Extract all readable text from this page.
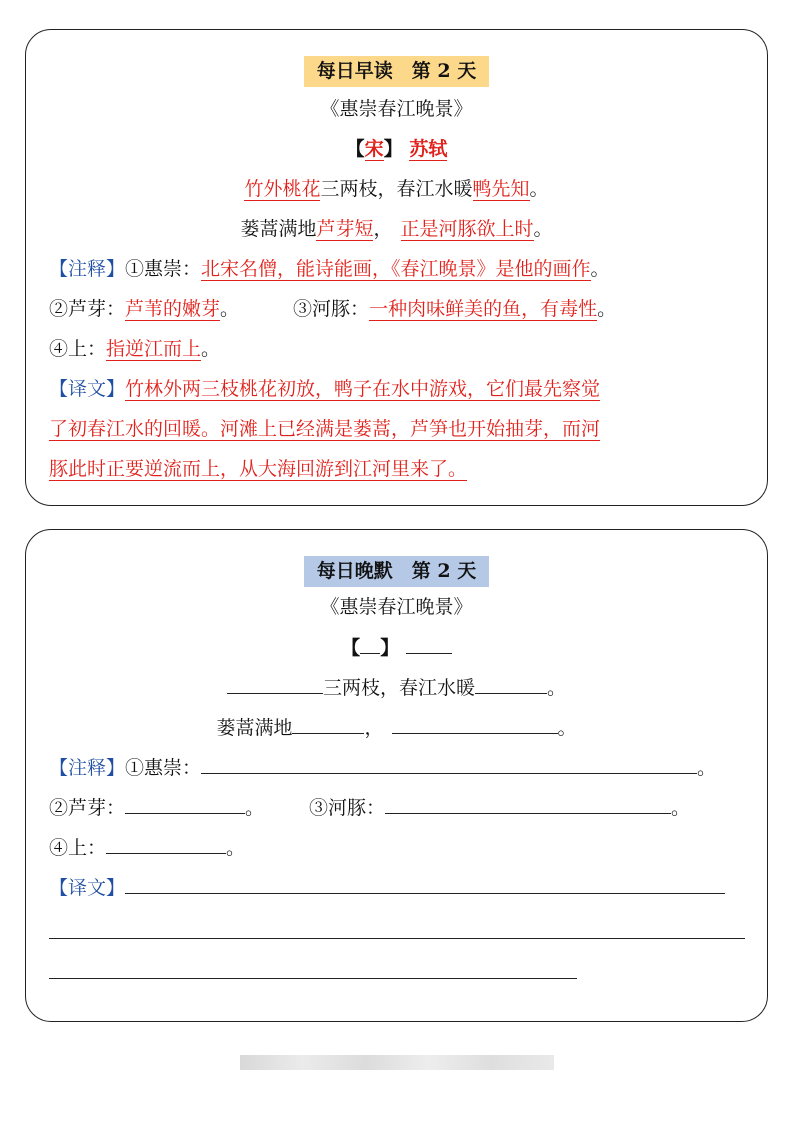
每日早读　第 2 天
《惠崇春江晚景》
【宋】 苏轼
竹外桃花三两枝，春江水暖鸭先知。
蒌蒿满地芦芽短， 正是河豚欲上时。
【注释】①惠崇：北宋名僧，能诗能画，《春江晚景》是他的画作。
②芦芽：芦苇的嫩芽。	③河豚：一种肉味鲜美的鱼，有毒性。
④上：指逆江而上。
【译文】竹林外两三枝桃花初放，鸭子在水中游戏，它们最先察觉
了初春江水的回暖。河滩上已经满是蒌蒿，芦笋也开始抽芽，而河
豚此时正要逆流而上，从大海回游到江河里来了。
每日晚默　第 2 天
《惠崇春江晚景》
【 】
三两枝，春江水暖	。
蒌蒿满地	，	。
【注释】①惠崇：	。
②芦芽：	。 ③河豚：	。
④上：	。
【译文】
